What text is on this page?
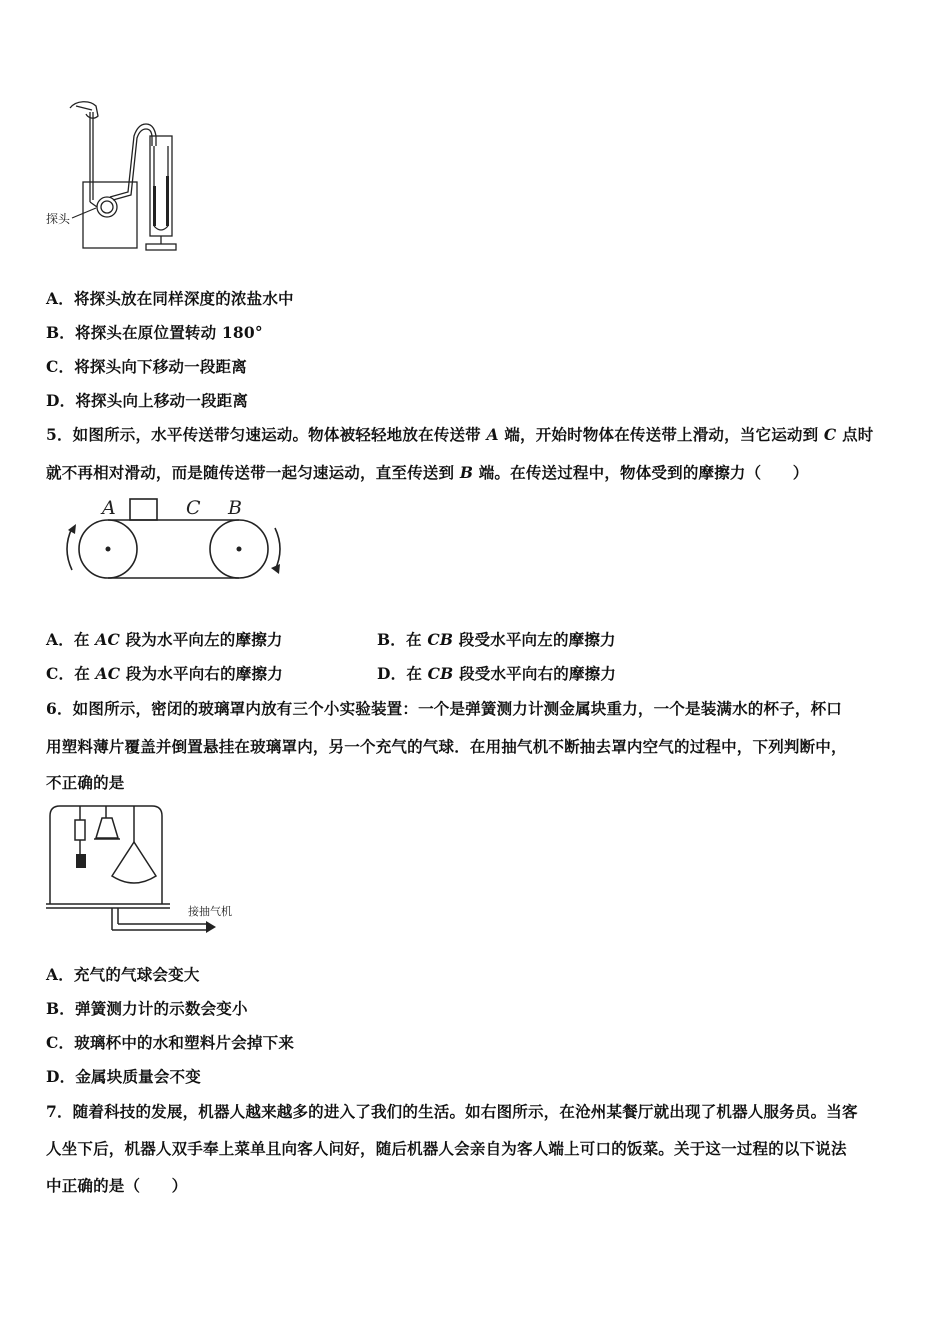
探头
A．将探头放在同样深度的浓盐水中
B．将探头在原位置转动 180°
C．将探头向下移动一段距离
D．将探头向上移动一段距离
5．如图所示，水平传送带匀速运动。物体被轻轻地放在传送带 A 端，开始时物体在传送带上滑动，当它运动到 C 点时
就不再相对滑动，而是随传送带一起匀速运动，直至传送到 B 端。在传送过程中，物体受到的摩擦力（　　）
A	C B
A．在 AC 段为水平向左的摩擦力	B．在 CB 段受水平向左的摩擦力
C．在 AC 段为水平向右的摩擦力	D．在 CB 段受水平向右的摩擦力
6．如图所示，密闭的玻璃罩内放有三个小实验装置：一个是弹簧测力计测金属块重力，一个是装满水的杯子，杯口
用塑料薄片覆盖并倒置悬挂在玻璃罩内，另一个充气的气球．在用抽气机不断抽去罩内空气的过程中，下列判断中，
不正确的是
接抽气机
A．充气的气球会变大
B．弹簧测力计的示数会变小
C．玻璃杯中的水和塑料片会掉下来
D．金属块质量会不变
7．随着科技的发展，机器人越来越多的进入了我们的生活。如右图所示，在沧州某餐厅就出现了机器人服务员。当客
人坐下后，机器人双手奉上菜单且向客人问好，随后机器人会亲自为客人端上可口的饭菜。关于这一过程的以下说法
中正确的是（　　）
